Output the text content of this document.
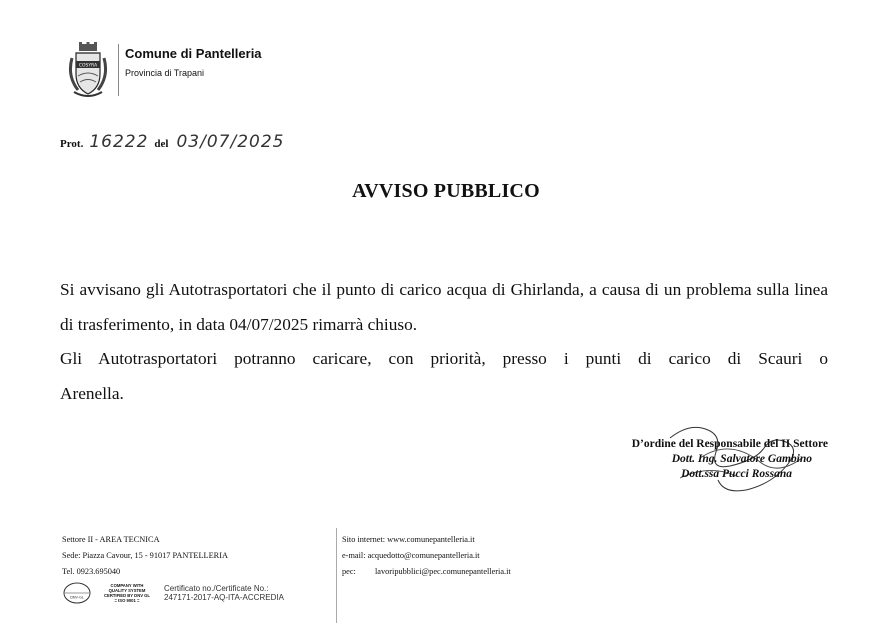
COSYRA
Comune di Pantelleria
Provincia di Trapani
Prot. 16222 del 03/07/2025
AVVISO PUBBLICO

Si avvisano gli Autotrasportatori che il punto di carico acqua di Ghirlanda, a causa di un problema sulla linea di trasferimento, in data 04/07/2025 rimarrà chiuso.

Gli Autotrasportatori potranno caricare, con priorità, presso i punti di carico di Scauri o

Arenella.

D’ordine del Responsabile del II Settore
Dott. Ing. Salvatore Gambino
Dott.ssa Pucci Rossana
Settore II - AREA TECNICA
Sede: Piazza Cavour, 15 - 91017 PANTELLERIA
Tel. 0923.695040
DNV·GL
COMPANY WITH
QUALITY SYSTEM
CERTIFIED BY DNV GL
= ISO 9001 =
Certificato no./Certificate No.:
247171-2017-AQ-ITA-ACCREDIA
Sito internet: www.comunepantelleria.it
e-mail: acquedotto@comunepantelleria.it
pec:	lavoripubblici@pec.comunepantelleria.it
